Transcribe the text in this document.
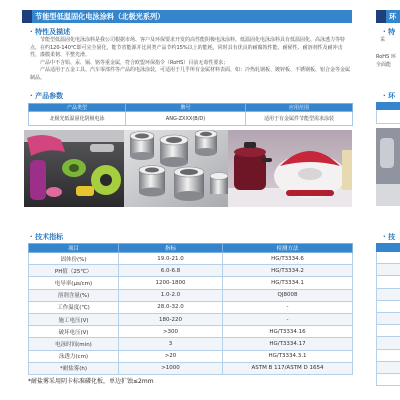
节能型低温固化电泳涂料（北极光系列）
· 特性及描述

节能型低温固化电泳涂料是我公司根据市场、客户及环保要求开发的高性能阴极电泳涂料，低温固化电泳涂料具有低温固化、高泳透力等特点，在约120-140℃即可完全固化，能节省能源并比同类产品节约15%以上的能耗，同时具有优良的耐腐蚀性能、耐候性、耐溶剂性及耐冲击性，漆膜柔韧、平整光滑。

产品中不含铅、汞、镉、铬等重金属，符合欧盟环保指令（RoHS）目前无毒性要求；

产品适用于五金工具、汽车零部件等产品的电泳涂装，可适用于几乎所有金属材料表面，如：冷热轧钢板、镀锌板、不锈钢板、铝合金等金属制品。

· 产品参数
产品类型	牌号	应用范围
北极光低温固化阴极电泳	ANG-ZXXX(B/D)	适用于有金属件节能型需求涂装
· 技术指标
项目	指标	检测方法
固体份(%)	19.0-21.0	HG/T3334.6
PH值（25℃）	6.0-6.8	HG/T3334.2
电导率(μs/cm)	1200-1800	HG/T3334.1
溶剂含量(%)	1.0-2.0	QJ8008
工作温度(℃)	28.0-32.0	-
施工电压(V)	180-220	-
破坏电压(V)	>300	HG/T3334.16
电泳时间(min)	3	HG/T3334.17
泳透力(cm)	>20	HG/T3334.3.1
*耐盐雾(h)	>1000	ASTM B 117/ASTM D 1654
*耐盐雾采用阴卡标准磷化板，单边扩蚀≤2mm
环
· 特
采
RoHS 环
全面能
· 环
· 技
